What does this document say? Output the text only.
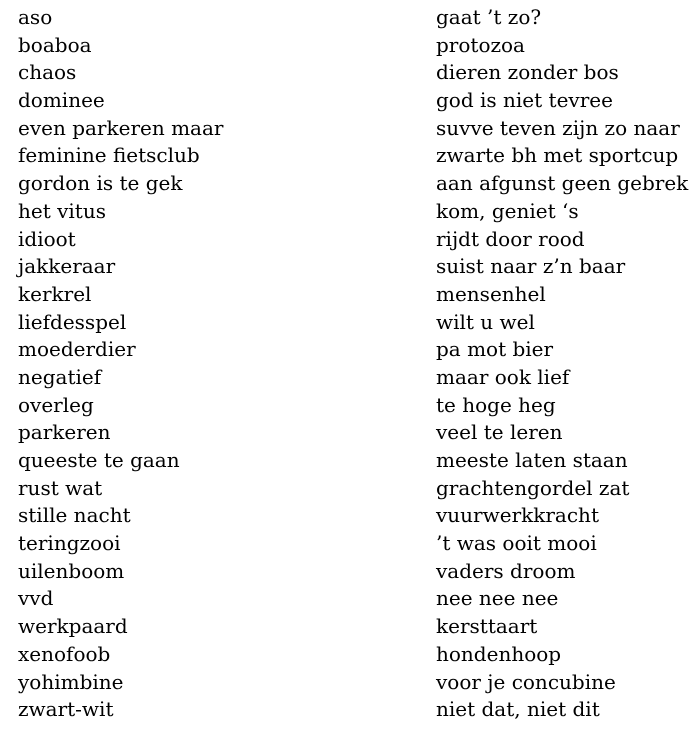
aso
boaboa
chaos
dominee
even parkeren maar
feminine fietsclub
gordon is te gek
het vitus
idioot
jakkeraar
kerkrel
liefdesspel
moederdier
negatief
overleg
parkeren
queeste te gaan
rust wat
stille nacht
teringzooi
uilenboom
vvd
werkpaard
xenofoob
yohimbine
zwart-wit
gaat ’t zo?
protozoa
dieren zonder bos
god is niet tevree
suvve teven zijn zo naar
zwarte bh met sportcup
aan afgunst geen gebrek
kom, geniet ‘s
rijdt door rood
suist naar z’n baar
mensenhel
wilt u wel
pa mot bier
maar ook lief
te hoge heg
veel te leren
meeste laten staan
grachtengordel zat
vuurwerkkracht
’t was ooit mooi
vaders droom
nee nee nee
kersttaart
hondenhoop
voor je concubine
niet dat, niet dit
